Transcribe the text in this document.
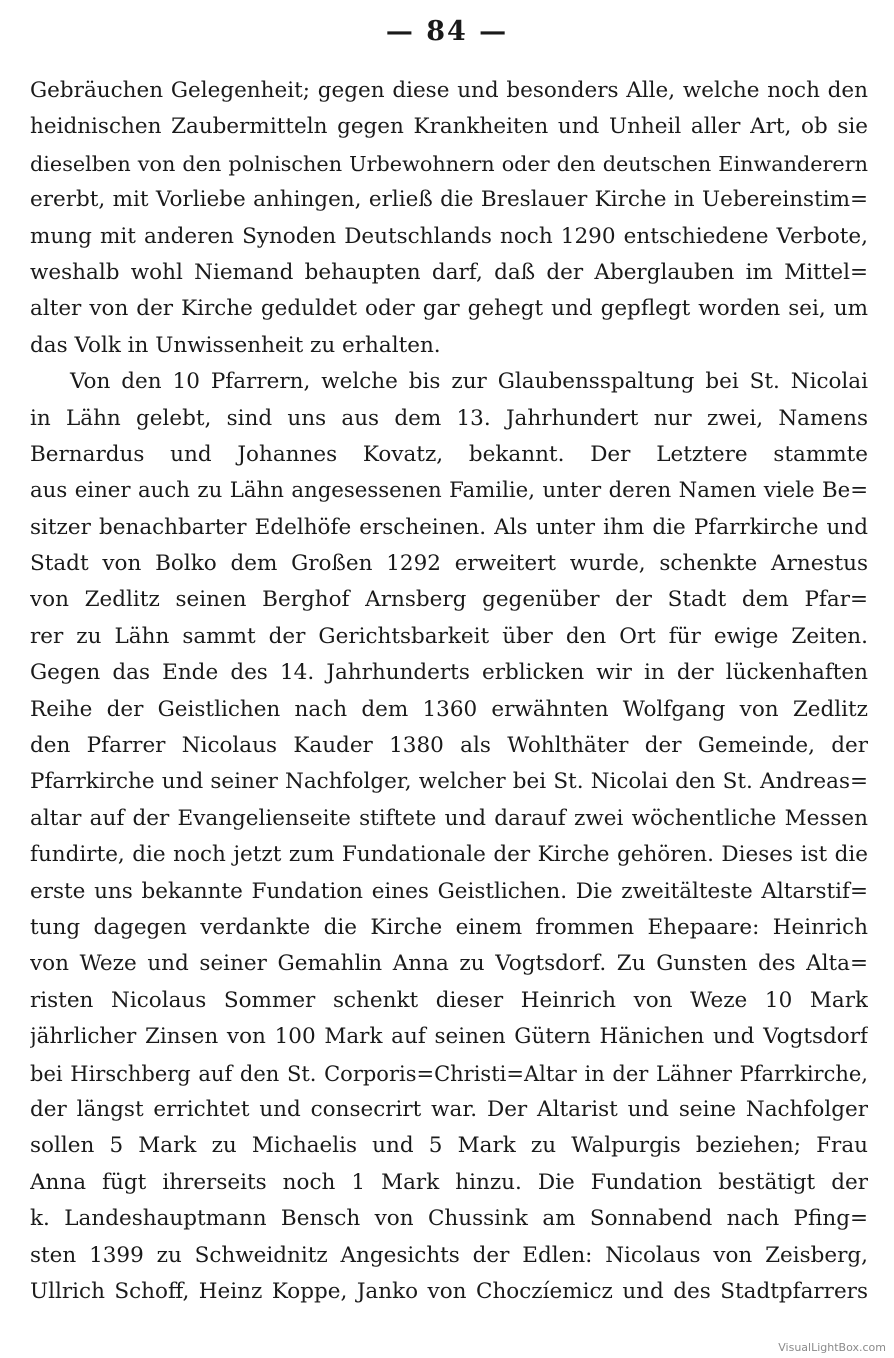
— 84 —
Gebräuchen Gelegenheit; gegen diese und besonders Alle, welche noch den
heidnischen Zaubermitteln gegen Krankheiten und Unheil aller Art, ob sie
dieselben von den polnischen Urbewohnern oder den deutschen Einwanderern
ererbt, mit Vorliebe anhingen, erließ die Breslauer Kirche in Uebereinstim=
mung mit anderen Synoden Deutschlands noch 1290 entschiedene Verbote,
weshalb wohl Niemand behaupten darf, daß der Aberglauben im Mittel=
alter von der Kirche geduldet oder gar gehegt und gepflegt worden sei, um
das Volk in Unwissenheit zu erhalten.
Von den 10 Pfarrern, welche bis zur Glaubensspaltung bei St. Nicolai
in Lähn gelebt, sind uns aus dem 13. Jahrhundert nur zwei, Namens
Bernardus und Johannes Kovatz, bekannt. Der Letztere stammte
aus einer auch zu Lähn angesessenen Familie, unter deren Namen viele Be=
sitzer benachbarter Edelhöfe erscheinen. Als unter ihm die Pfarrkirche und
Stadt von Bolko dem Großen 1292 erweitert wurde, schenkte Arnestus
von Zedlitz seinen Berghof Arnsberg gegenüber der Stadt dem Pfar=
rer zu Lähn sammt der Gerichtsbarkeit über den Ort für ewige Zeiten.
Gegen das Ende des 14. Jahrhunderts erblicken wir in der lückenhaften
Reihe der Geistlichen nach dem 1360 erwähnten Wolfgang von Zedlitz
den Pfarrer Nicolaus Kauder 1380 als Wohlthäter der Gemeinde, der
Pfarrkirche und seiner Nachfolger, welcher bei St. Nicolai den St. Andreas=
altar auf der Evangelienseite stiftete und darauf zwei wöchentliche Messen
fundirte, die noch jetzt zum Fundationale der Kirche gehören. Dieses ist die
erste uns bekannte Fundation eines Geistlichen. Die zweitälteste Altarstif=
tung dagegen verdankte die Kirche einem frommen Ehepaare: Heinrich
von Weze und seiner Gemahlin Anna zu Vogtsdorf. Zu Gunsten des Alta=
risten Nicolaus Sommer schenkt dieser Heinrich von Weze 10 Mark
jährlicher Zinsen von 100 Mark auf seinen Gütern Hänichen und Vogtsdorf
bei Hirschberg auf den St. Corporis=Christi=Altar in der Lähner Pfarrkirche,
der längst errichtet und consecrirt war. Der Altarist und seine Nachfolger
sollen 5 Mark zu Michaelis und 5 Mark zu Walpurgis beziehen; Frau
Anna fügt ihrerseits noch 1 Mark hinzu. Die Fundation bestätigt der
k. Landeshauptmann Bensch von Chussink am Sonnabend nach Pfing=
sten 1399 zu Schweidnitz Angesichts der Edlen: Nicolaus von Zeisberg,
Ullrich Schoff, Heinz Koppe, Janko von Choczíemicz und des Stadtpfarrers
VisualLightBox.com
